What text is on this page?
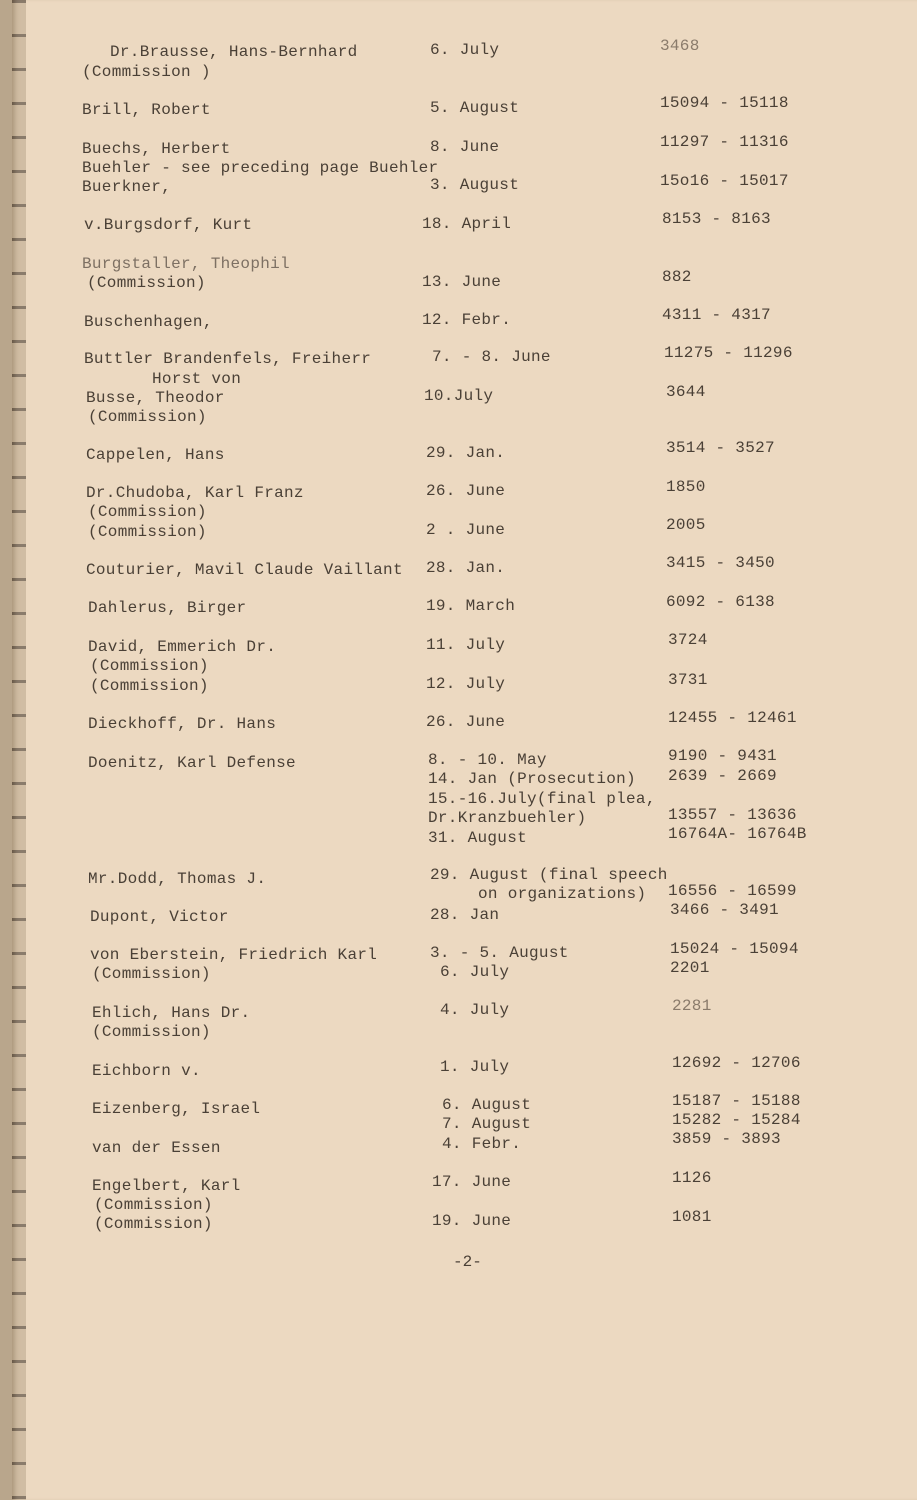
Dr.Brausse, Hans-Bernhard	6. July	3468
(Commission )
Brill, Robert	5. August	15094 - 15118
Buechs, Herbert	8. June	11297 - 11316
Buehler - see preceding page Buehler
Buerkner,	3. August	15o16 - 15017
v.Burgsdorf, Kurt	18. April	8153 - 8163
Burgstaller, Theophil
(Commission)	13. June	882
Buschenhagen,	12. Febr.	4311 - 4317
Buttler Brandenfels, Freiherr	7. - 8. June	11275 - 11296
Horst von
Busse, Theodor	10.July	3644
(Commission)
Cappelen, Hans	29. Jan.	3514 - 3527
Dr.Chudoba, Karl Franz	26. June	1850
(Commission)
(Commission)	2 . June	2005
Couturier, Mavil Claude Vaillant 28. Jan.	3415 - 3450
Dahlerus, Birger	19. March	6092 - 6138
David, Emmerich Dr.	11. July	3724
(Commission)
(Commission)	12. July	3731
Dieckhoff, Dr. Hans	26. June	12455 - 12461
Doenitz, Karl Defense	8. - 10. May	9190 - 9431
14. Jan (Prosecution) 2639 - 2669
15.-16.July(final plea,
Dr.Kranzbuehler)	13557 - 13636
31. August	16764A- 16764B
Mr.Dodd, Thomas J.	29. August (final speech
on organizations) 16556 - 16599
Dupont, Victor	28. Jan	3466 - 3491
von Eberstein, Friedrich Karl	3. - 5. August	15024 - 15094
(Commission)	6. July	2201
Ehlich, Hans Dr.	4. July	2281
(Commission)
Eichborn v.	1. July	12692 - 12706
Eizenberg, Israel	6. August	15187 - 15188
7. August	15282 - 15284
van der Essen	4. Febr.	3859 - 3893
Engelbert, Karl	17. June	1126
(Commission)
(Commission)	19. June	1081
-2-
